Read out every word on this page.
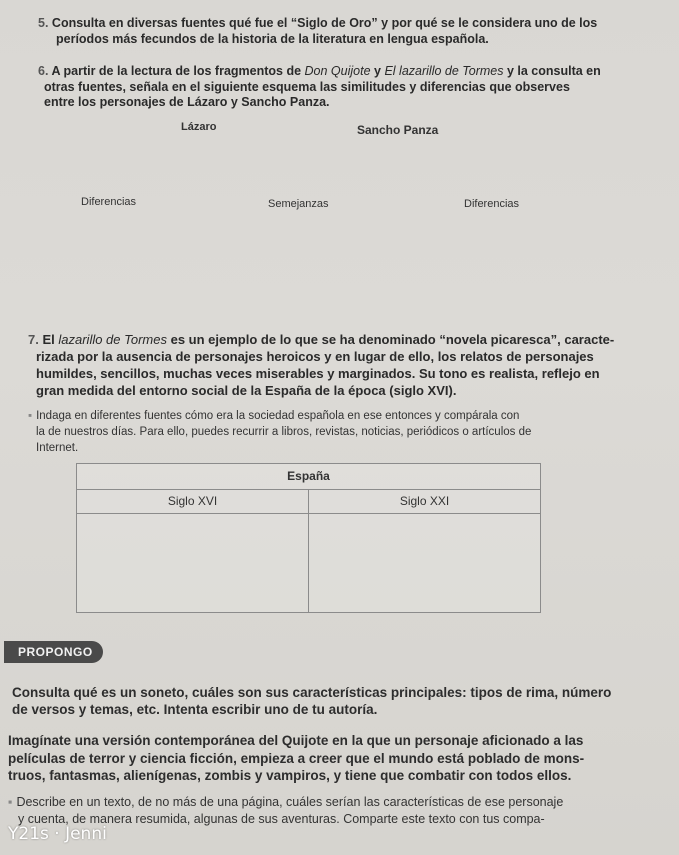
5. Consulta en diversas fuentes qué fue el “Siglo de Oro” y por qué se le considera uno de los
períodos más fecundos de la historia de la literatura en lengua española.
6. A partir de la lectura de los fragmentos de Don Quijote y El lazarillo de Tormes y la consulta en
otras fuentes, señala en el siguiente esquema las similitudes y diferencias que observes
entre los personajes de Lázaro y Sancho Panza.
Lázaro	Sancho Panza
Diferencias	Semejanzas	Diferencias
7. El lazarillo de Tormes es un ejemplo de lo que se ha denominado “novela picaresca”, caracte-
rizada por la ausencia de personajes heroicos y en lugar de ello, los relatos de personajes
humildes, sencillos, muchas veces miserables y marginados. Su tono es realista, reflejo en
gran medida del entorno social de la España de la época (siglo XVI).
▪ Indaga en diferentes fuentes cómo era la sociedad española en ese entonces y compárala con
la de nuestros días. Para ello, puedes recurrir a libros, revistas, noticias, periódicos o artículos de
Internet.
España
Siglo XVI	Siglo XXI
PROPONGO
Consulta qué es un soneto, cuáles son sus características principales: tipos de rima, número
de versos y temas, etc. Intenta escribir uno de tu autoría.
Imagínate una versión contemporánea del Quijote en la que un personaje aficionado a las
películas de terror y ciencia ficción, empieza a creer que el mundo está poblado de mons-
truos, fantasmas, alienígenas, zombis y vampiros, y tiene que combatir con todos ellos.
▪ Describe en un texto, de no más de una página, cuáles serían las características de ese personaje
y cuenta, de manera resumida, algunas de sus aventuras. Comparte este texto con tus compa-
Y21s · Jenni
